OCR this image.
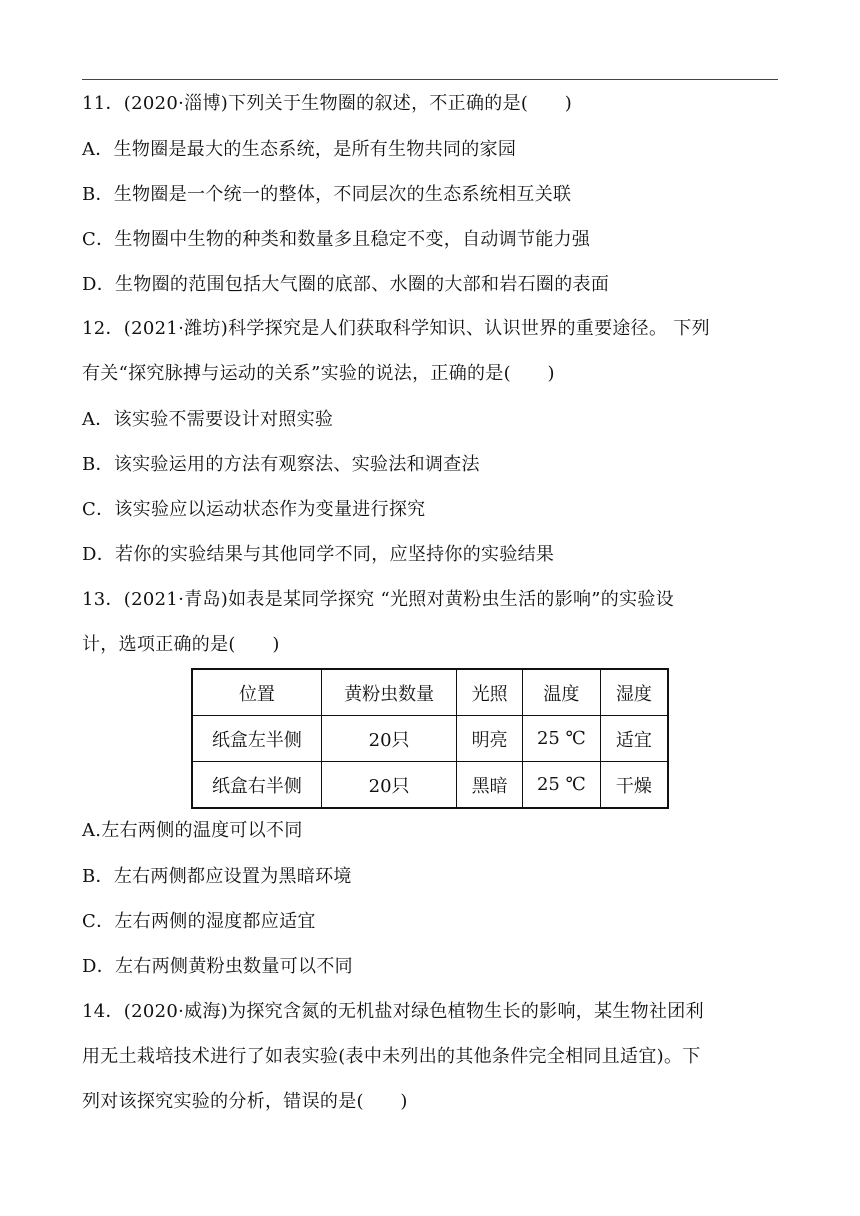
11．(2020·淄博)下列关于生物圈的叙述，不正确的是(　　)
A．生物圈是最大的生态系统，是所有生物共同的家园
B．生物圈是一个统一的整体，不同层次的生态系统相互关联
C．生物圈中生物的种类和数量多且稳定不变，自动调节能力强
D．生物圈的范围包括大气圈的底部、水圈的大部和岩石圈的表面
12．(2021·潍坊)科学探究是人们获取科学知识、认识世界的重要途径。 下列
有关“探究脉搏与运动的关系”实验的说法，正确的是(　　)
A．该实验不需要设计对照实验
B．该实验运用的方法有观察法、实验法和调查法
C．该实验应以运动状态作为变量进行探究
D．若你的实验结果与其他同学不同，应坚持你的实验结果
13．(2021·青岛)如表是某同学探究 “光照对黄粉虫生活的影响”的实验设
计，选项正确的是(　　)
位置	黄粉虫数量	光照	温度	湿度
纸盒左半侧	20只	明亮	25 ℃	适宜
纸盒右半侧	20只	黑暗	25 ℃	干燥
A.左右两侧的温度可以不同
B．左右两侧都应设置为黑暗环境
C．左右两侧的湿度都应适宜
D．左右两侧黄粉虫数量可以不同
14．(2020·威海)为探究含氮的无机盐对绿色植物生长的影响，某生物社团利
用无土栽培技术进行了如表实验(表中未列出的其他条件完全相同且适宜)。下
列对该探究实验的分析，错误的是(　　)
